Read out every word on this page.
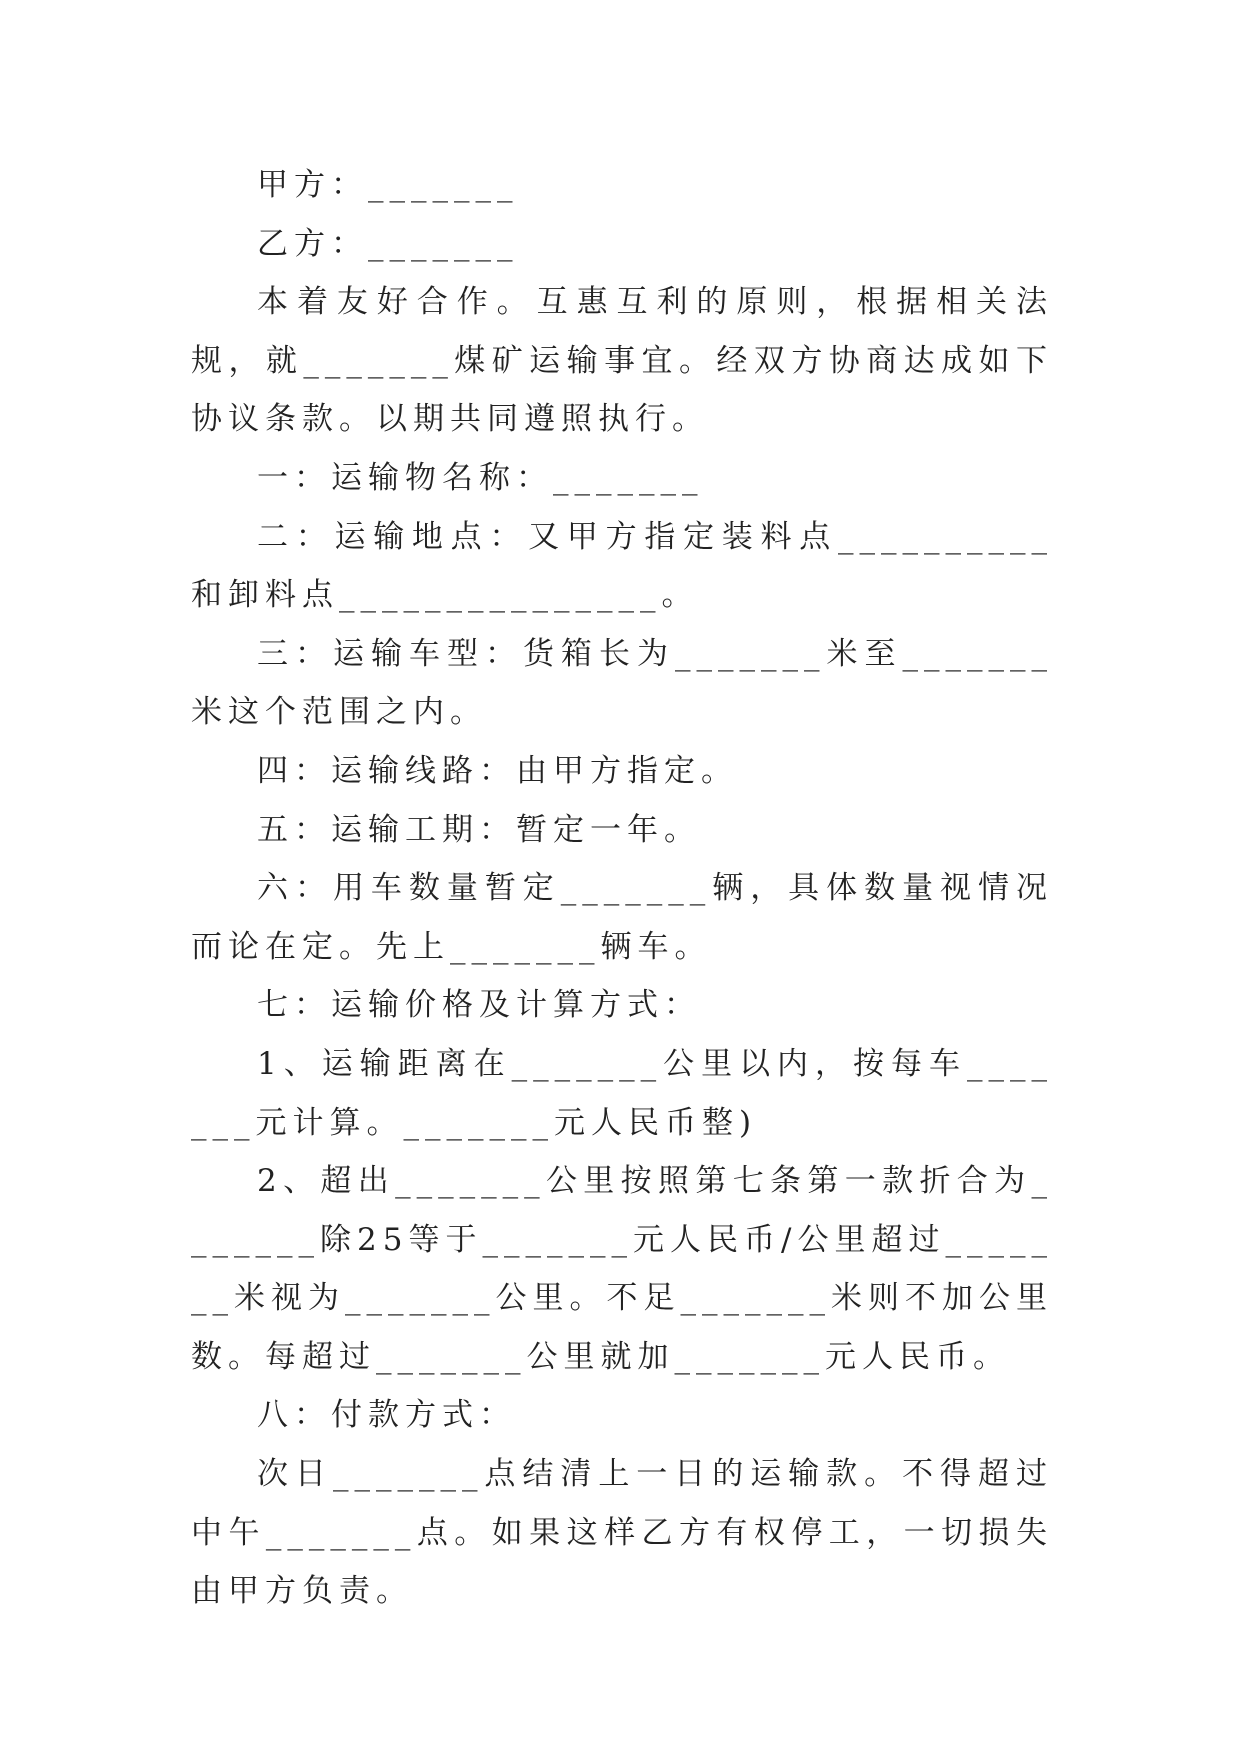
甲方：_______

乙方：_______

本着友好合作。互惠互利的原则，根据相关法规，就_______煤矿运输事宜。经双方协商达成如下协议条款。以期共同遵照执行。

一：运输物名称：_______

二：运输地点：又甲方指定装料点__________和卸料点_______________。

三：运输车型：货箱长为_______米至_______米这个范围之内。

四：运输线路：由甲方指定。

五：运输工期：暂定一年。

六：用车数量暂定_______辆，具体数量视情况而论在定。先上_______辆车。

七：运输价格及计算方式：

1、运输距离在_______公里以内，按每车_______元计算。_______元人民币整)

2、超出_______公里按照第七条第一款折合为_______除25等于_______元人民币/公里超过_______米视为_______公里。不足_______米则不加公里数。每超过_______公里就加_______元人民币。

八：付款方式：

次日_______点结清上一日的运输款。不得超过中午_______点。如果这样乙方有权停工，一切损失由甲方负责。
